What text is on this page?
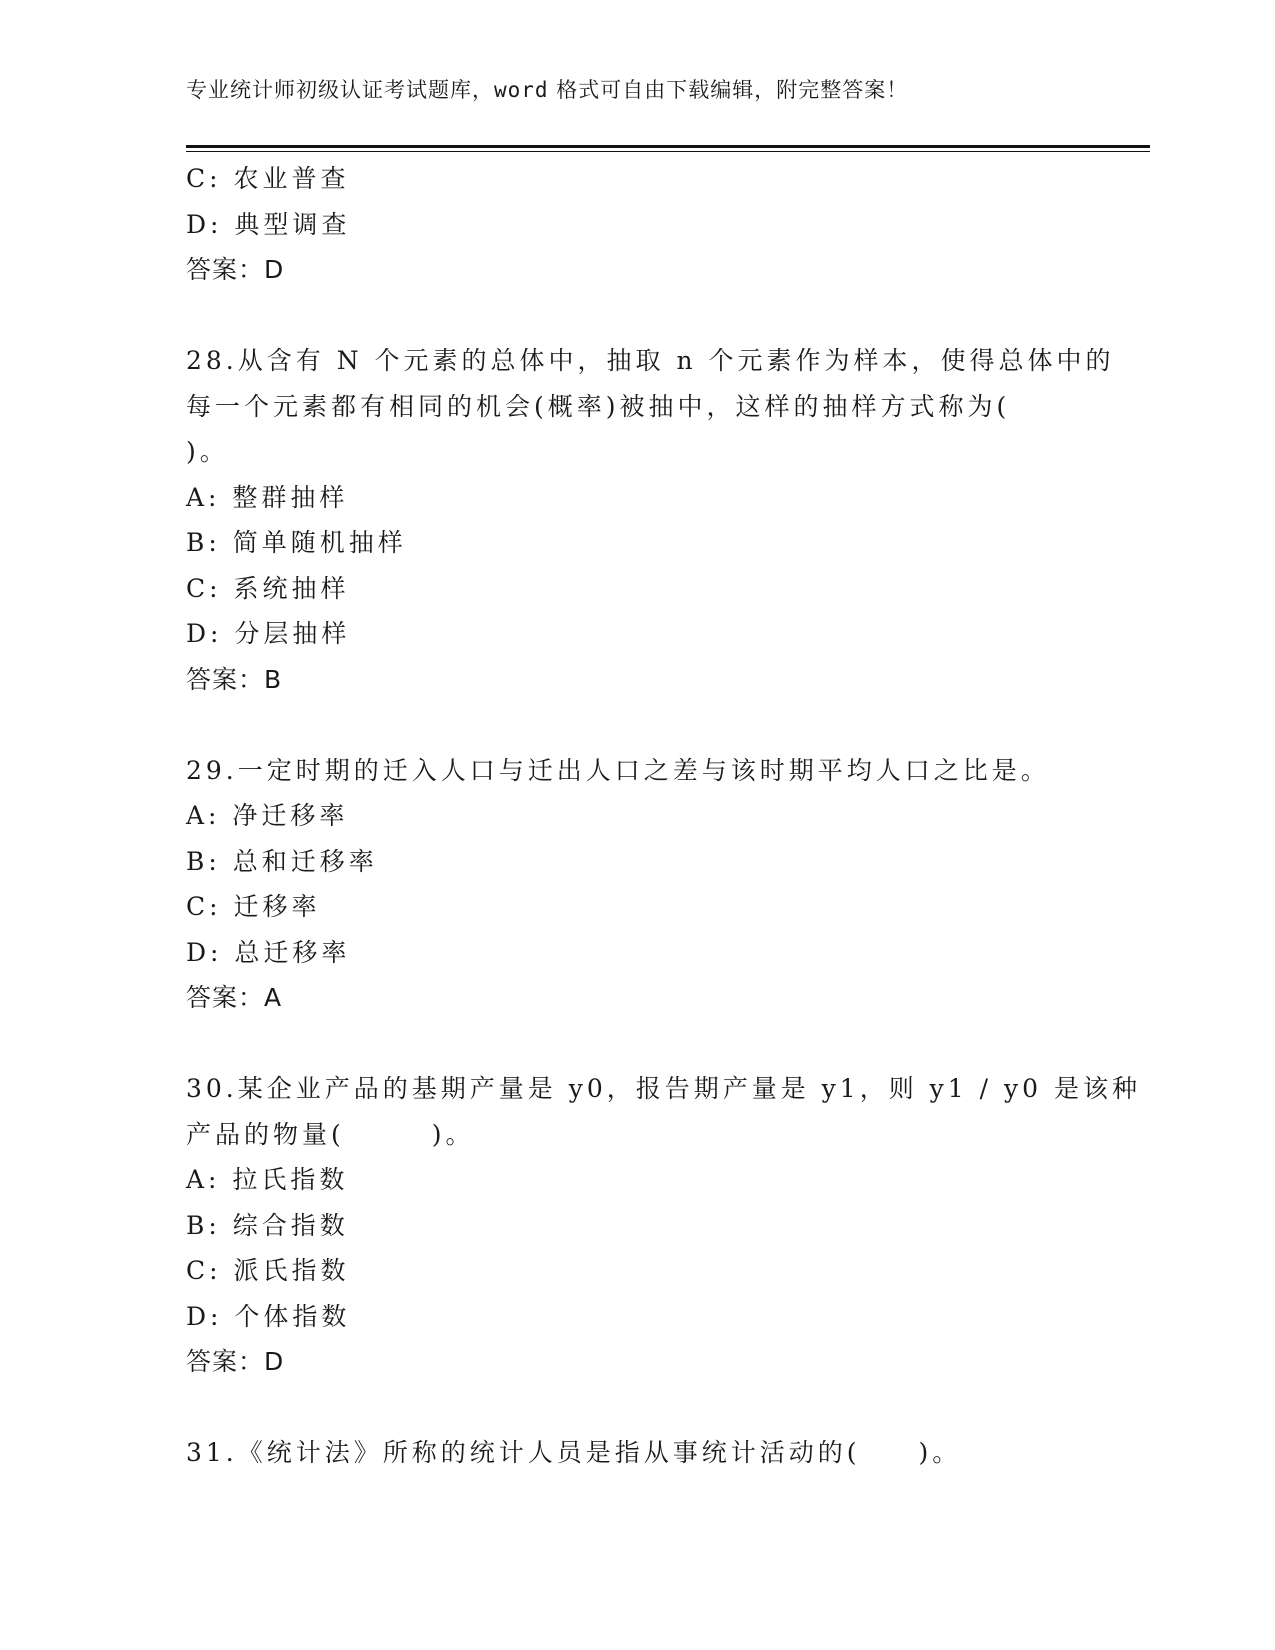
专业统计师初级认证考试题库，word 格式可自由下载编辑，附完整答案！
C: 农业普查
D: 典型调查
答案：D
28.从含有 N 个元素的总体中，抽取 n 个元素作为样本，使得总体中的
每一个元素都有相同的机会(概率)被抽中，这样的抽样方式称为(
)。
A: 整群抽样
B: 简单随机抽样
C: 系统抽样
D: 分层抽样
答案：B
29.一定时期的迁入人口与迁出人口之差与该时期平均人口之比是。
A: 净迁移率
B: 总和迁移率
C: 迁移率
D: 总迁移率
答案：A
30.某企业产品的基期产量是 y0，报告期产量是 y1，则 y1 / y0 是该种
产品的物量(　　　)。
A: 拉氏指数
B: 综合指数
C: 派氏指数
D: 个体指数
答案：D
31.《统计法》所称的统计人员是指从事统计活动的(　　)。
